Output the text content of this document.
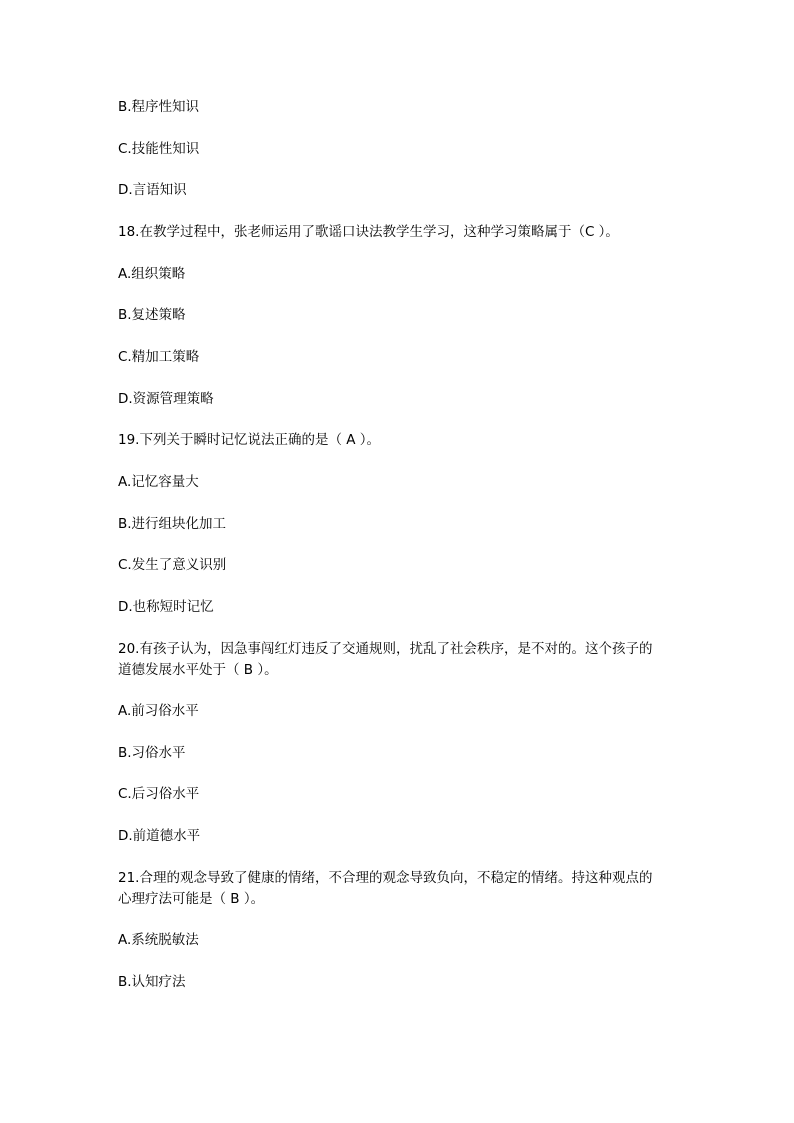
B.程序性知识
C.技能性知识
D.言语知识
18.在教学过程中，张老师运用了歌谣口诀法教学生学习，这种学习策略属于（C ）。
A.组织策略
B.复述策略
C.精加工策略
D.资源管理策略
19.下列关于瞬时记忆说法正确的是（ A ）。
A.记忆容量大
B.进行组块化加工
C.发生了意义识别
D.也称短时记忆
20.有孩子认为，因急事闯红灯违反了交通规则，扰乱了社会秩序，是不对的。这个孩子的
道德发展水平处于（ B ）。
A.前习俗水平
B.习俗水平
C.后习俗水平
D.前道德水平
21.合理的观念导致了健康的情绪，不合理的观念导致负向，不稳定的情绪。持这种观点的
心理疗法可能是（ B ）。
A.系统脱敏法
B.认知疗法
